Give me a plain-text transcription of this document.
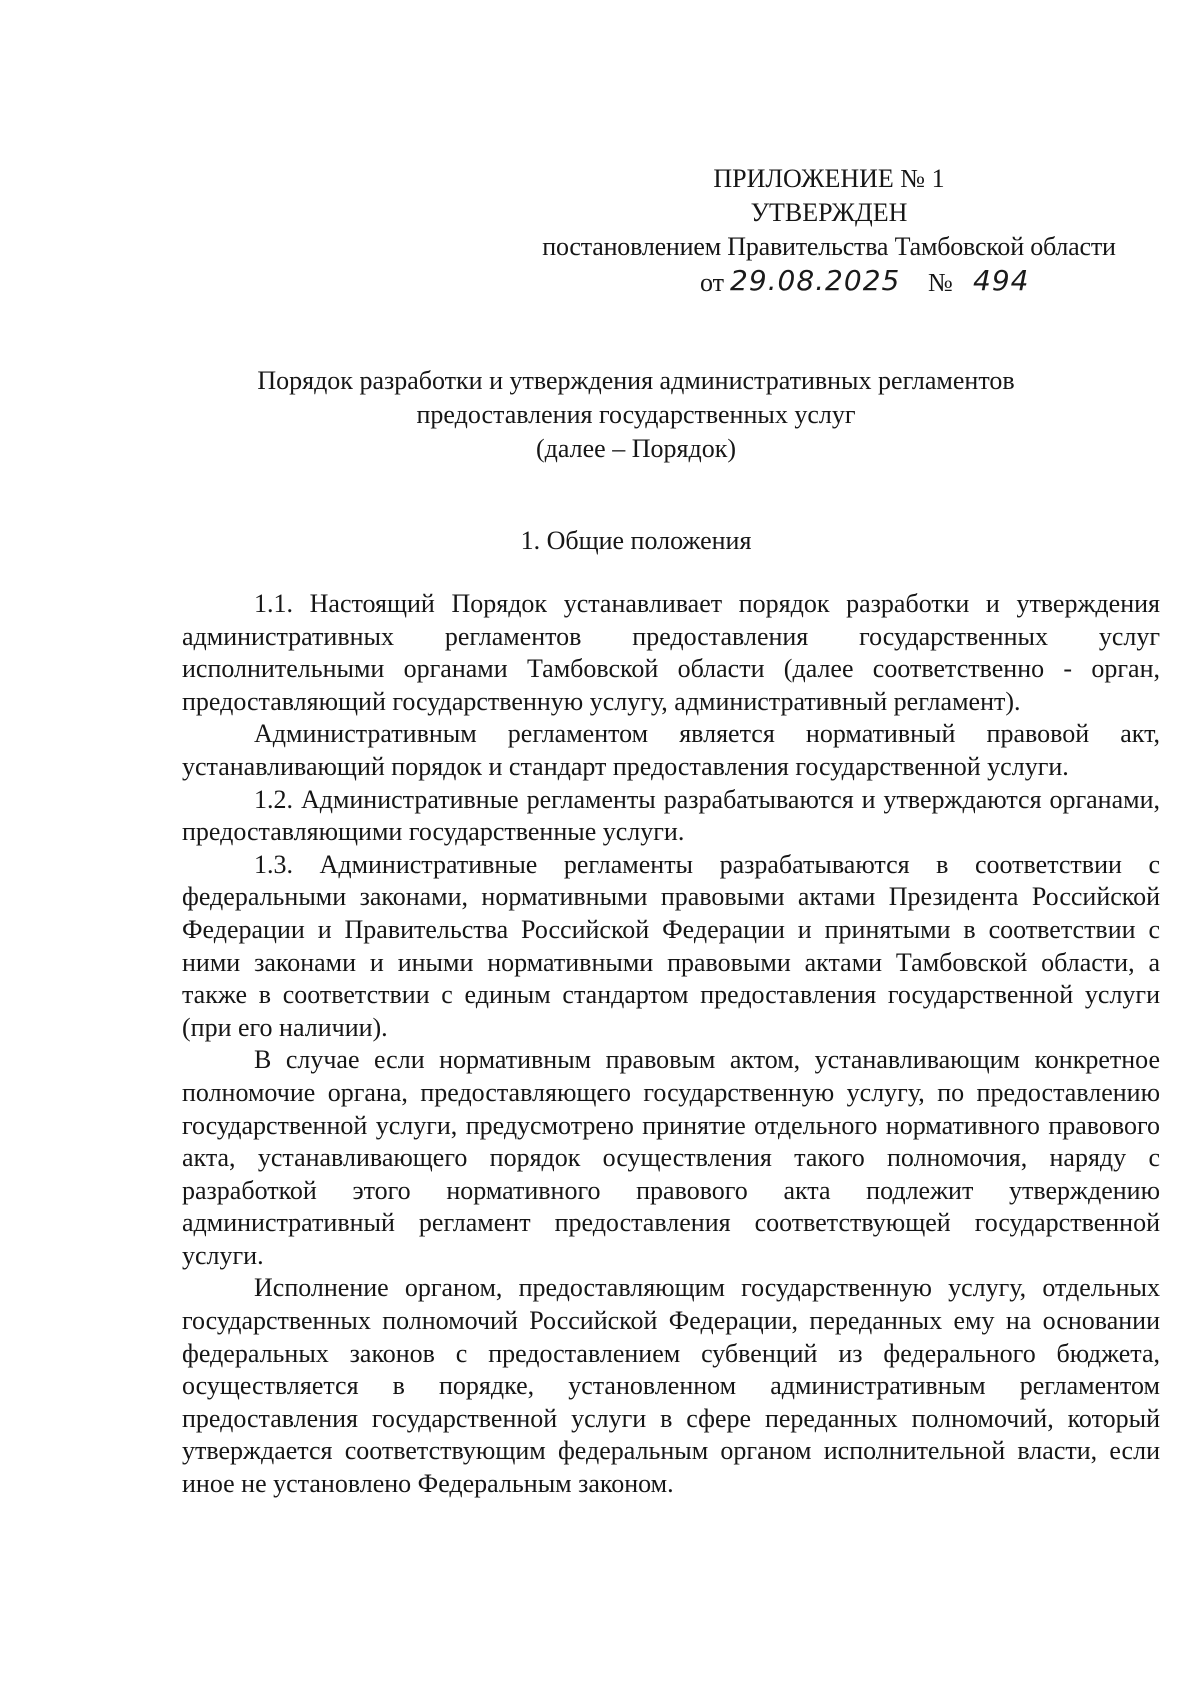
ПРИЛОЖЕНИЕ № 1
УТВЕРЖДЕН
постановлением Правительства Тамбовской области
от 29.08.2025 № 494
Порядок разработки и утверждения административных регламентов
предоставления государственных услуг
(далее – Порядок)
1. Общие положения

1.1. Настоящий Порядок устанавливает порядок разработки и утверждения административных регламентов предоставления государственных услуг исполнительными органами Тамбовской области (далее соответственно - орган, предоставляющий государственную услугу, административный регламент).

Административным регламентом является нормативный правовой акт, устанавливающий порядок и стандарт предоставления государственной услуги.

1.2. Административные регламенты разрабатываются и утверждаются органами, предоставляющими государственные услуги.

1.3. Административные регламенты разрабатываются в соответствии с федеральными законами, нормативными правовыми актами Президента Российской Федерации и Правительства Российской Федерации и принятыми в соответствии с ними законами и иными нормативными правовыми актами Тамбовской области, а также в соответствии с единым стандартом предоставления государственной услуги (при его наличии).

В случае если нормативным правовым актом, устанавливающим конкретное полномочие органа, предоставляющего государственную услугу, по предоставлению государственной услуги, предусмотрено принятие отдельного нормативного правового акта, устанавливающего порядок осуществления такого полномочия, наряду с разработкой этого нормативного правового акта подлежит утверждению административный регламент предоставления соответствующей государственной услуги.

Исполнение органом, предоставляющим государственную услугу, отдельных государственных полномочий Российской Федерации, переданных ему на основании федеральных законов с предоставлением субвенций из федерального бюджета, осуществляется в порядке, установленном административным регламентом предоставления государственной услуги в сфере переданных полномочий, который утверждается соответствующим федеральным органом исполнительной власти, если иное не установлено Федеральным законом.
